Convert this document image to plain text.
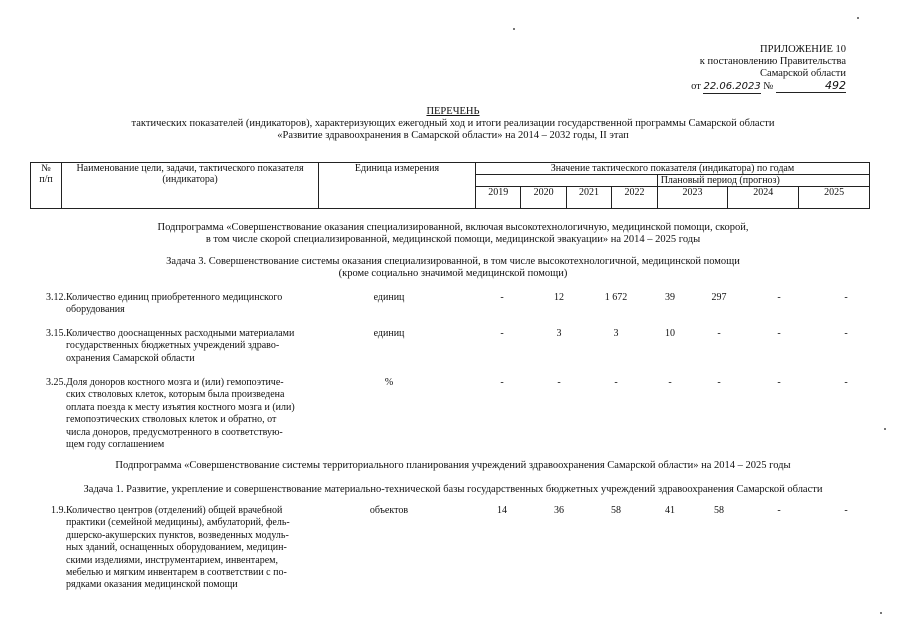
ПРИЛОЖЕНИЕ 10
к постановлению Правительства
Самарской области
от 22.06.2023 №	492
ПЕРЕЧЕНЬ
тактических показателей (индикаторов), характеризующих ежегодный ход и итоги реализации государственной программы Самарской области
«Развитие здравоохранения в Самарской области» на 2014 – 2032 годы, II этап
№
п/п	Наименование цели, задачи, тактического показателя (индикатора)	Единица измерения	Значение тактического показателя (индикатора) по годам						
							Плановый период (прогноз)		
			2019	2020	2021	2022	2023	2024	2025
Подпрограмма «Совершенствование оказания специализированной, включая высокотехнологичную, медицинской помощи, скорой,
в том числе скорой специализированной, медицинской помощи, медицинской эвакуации» на 2014 – 2025 годы
Задача 3. Совершенствование системы оказания специализированной, в том числе высокотехнологичной, медицинской помощи
(кроме социально значимой медицинской помощи)
3.12. Количество единиц приобретенного медицинского
оборудования
единиц	-	12	1 672	39	297	-	-
3.15. Количество дооснащенных расходными материалами
государственных бюджетных учреждений здраво-
охранения Самарской области
единиц	-	3	3	10	-	-	-
3.25. Доля доноров костного мозга и (или) гемопоэтиче-
ских стволовых клеток, которым была произведена
оплата поезда к месту изъятия костного мозга и (или)
гемопоэтических стволовых клеток и обратно, от
числа доноров, предусмотренного в соответствую-
щем году соглашением
%	-	-	-	-	-	-	-
Подпрограмма «Совершенствование системы территориального планирования учреждений здравоохранения Самарской области» на 2014 – 2025 годы
Задача 1. Развитие, укрепление и совершенствование материально-технической базы государственных бюджетных учреждений здравоохранения Самарской области
1.9. Количество центров (отделений) общей врачебной
практики (семейной медицины), амбулаторий, фель-
дшерско-акушерских пунктов, возведенных модуль-
ных зданий, оснащенных оборудованием, медицин-
скими изделиями, инструментарием, инвентарем,
мебелью и мягким инвентарем в соответствии с по-
рядками оказания медицинской помощи
объектов	14	36	58	41	58	-	-
